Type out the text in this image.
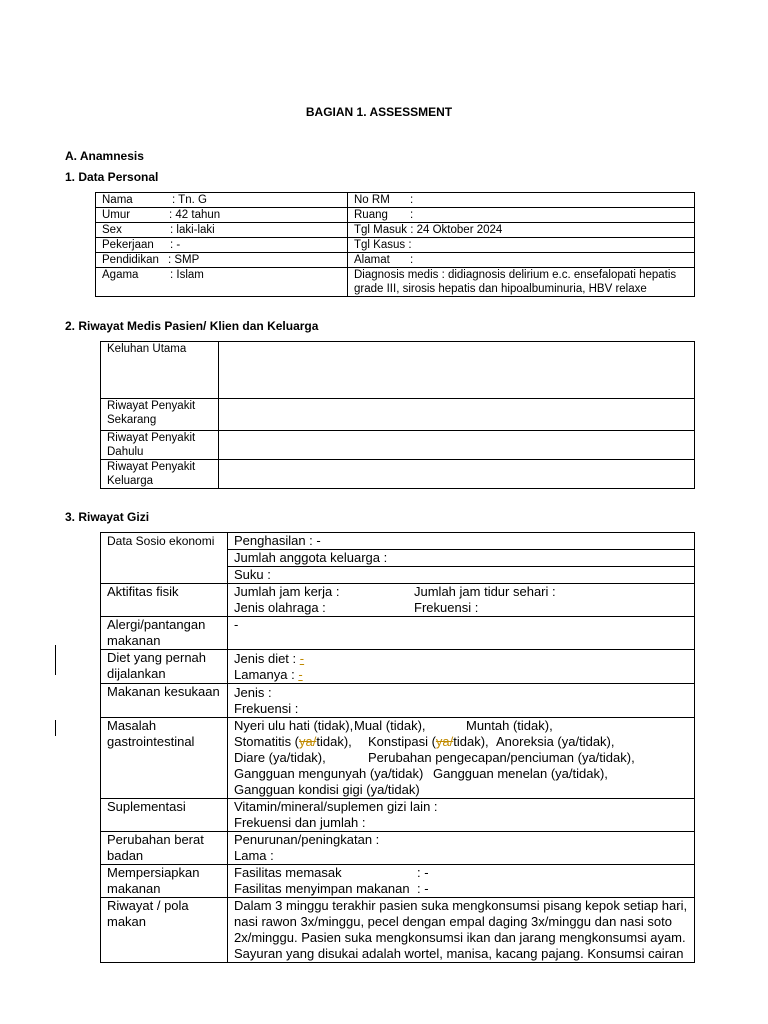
BAGIAN 1. ASSESSMENT
A. Anamnesis
1. Data Personal
Nama : Tn. G	No RM :
Umur : 42 tahun	Ruang :
Sex : laki-laki	Tgl Masuk : 24 Oktober 2024
Pekerjaan : -	Tgl Kasus :
Pendidikan : SMP	Alamat :
Agama : Islam	Diagnosis medis : didiagnosis delirium e.c. ensefalopati hepatis grade III, sirosis hepatis dan hipoalbuminuria, HBV relaxe
2. Riwayat Medis Pasien/ Klien dan Keluarga
Keluhan Utama	
Riwayat Penyakit Sekarang	
Riwayat Penyakit Dahulu	
Riwayat Penyakit Keluarga	
3. Riwayat Gizi
Data Sosio ekonomi	Penghasilan : -
Jumlah anggota keluarga :
Suku :

Aktifitas fisik	Jumlah jam kerja : Jumlah jam tidur sehari :
Jenis olahraga : Frekuensi :

Alergi/pantangan makanan	-
Diet yang pernah dijalankan	Jenis diet : -
Lamanya : -

Makanan kesukaan	Jenis :
Frekuensi :

Masalah gastrointestinal	Nyeri ulu hati (tidak),Mual (tidak), Muntah (tidak),
Stomatitis (ya/tidak), Konstipasi (ya/tidak), Anoreksia (ya/tidak),
Diare (ya/tidak), Perubahan pengecapan/penciuman (ya/tidak),
Gangguan mengunyah (ya/tidak) Gangguan menelan (ya/tidak),
Gangguan kondisi gigi (ya/tidak)

Suplementasi	Vitamin/mineral/suplemen gizi lain :
Frekuensi dan jumlah :

Perubahan berat badan	Penurunan/peningkatan :
Lama :

Mempersiapkan makanan	Fasilitas memasak : -
Fasilitas menyimpan makanan : -

Riwayat / pola makan	Dalam 3 minggu terakhir pasien suka mengkonsumsi pisang kepok setiap hari, nasi rawon 3x/minggu, pecel dengan empal daging 3x/minggu dan nasi soto 2x/minggu. Pasien suka mengkonsumsi ikan dan jarang mengkonsumsi ayam. Sayuran yang disukai adalah wortel, manisa, kacang pajang. Konsumsi cairan
